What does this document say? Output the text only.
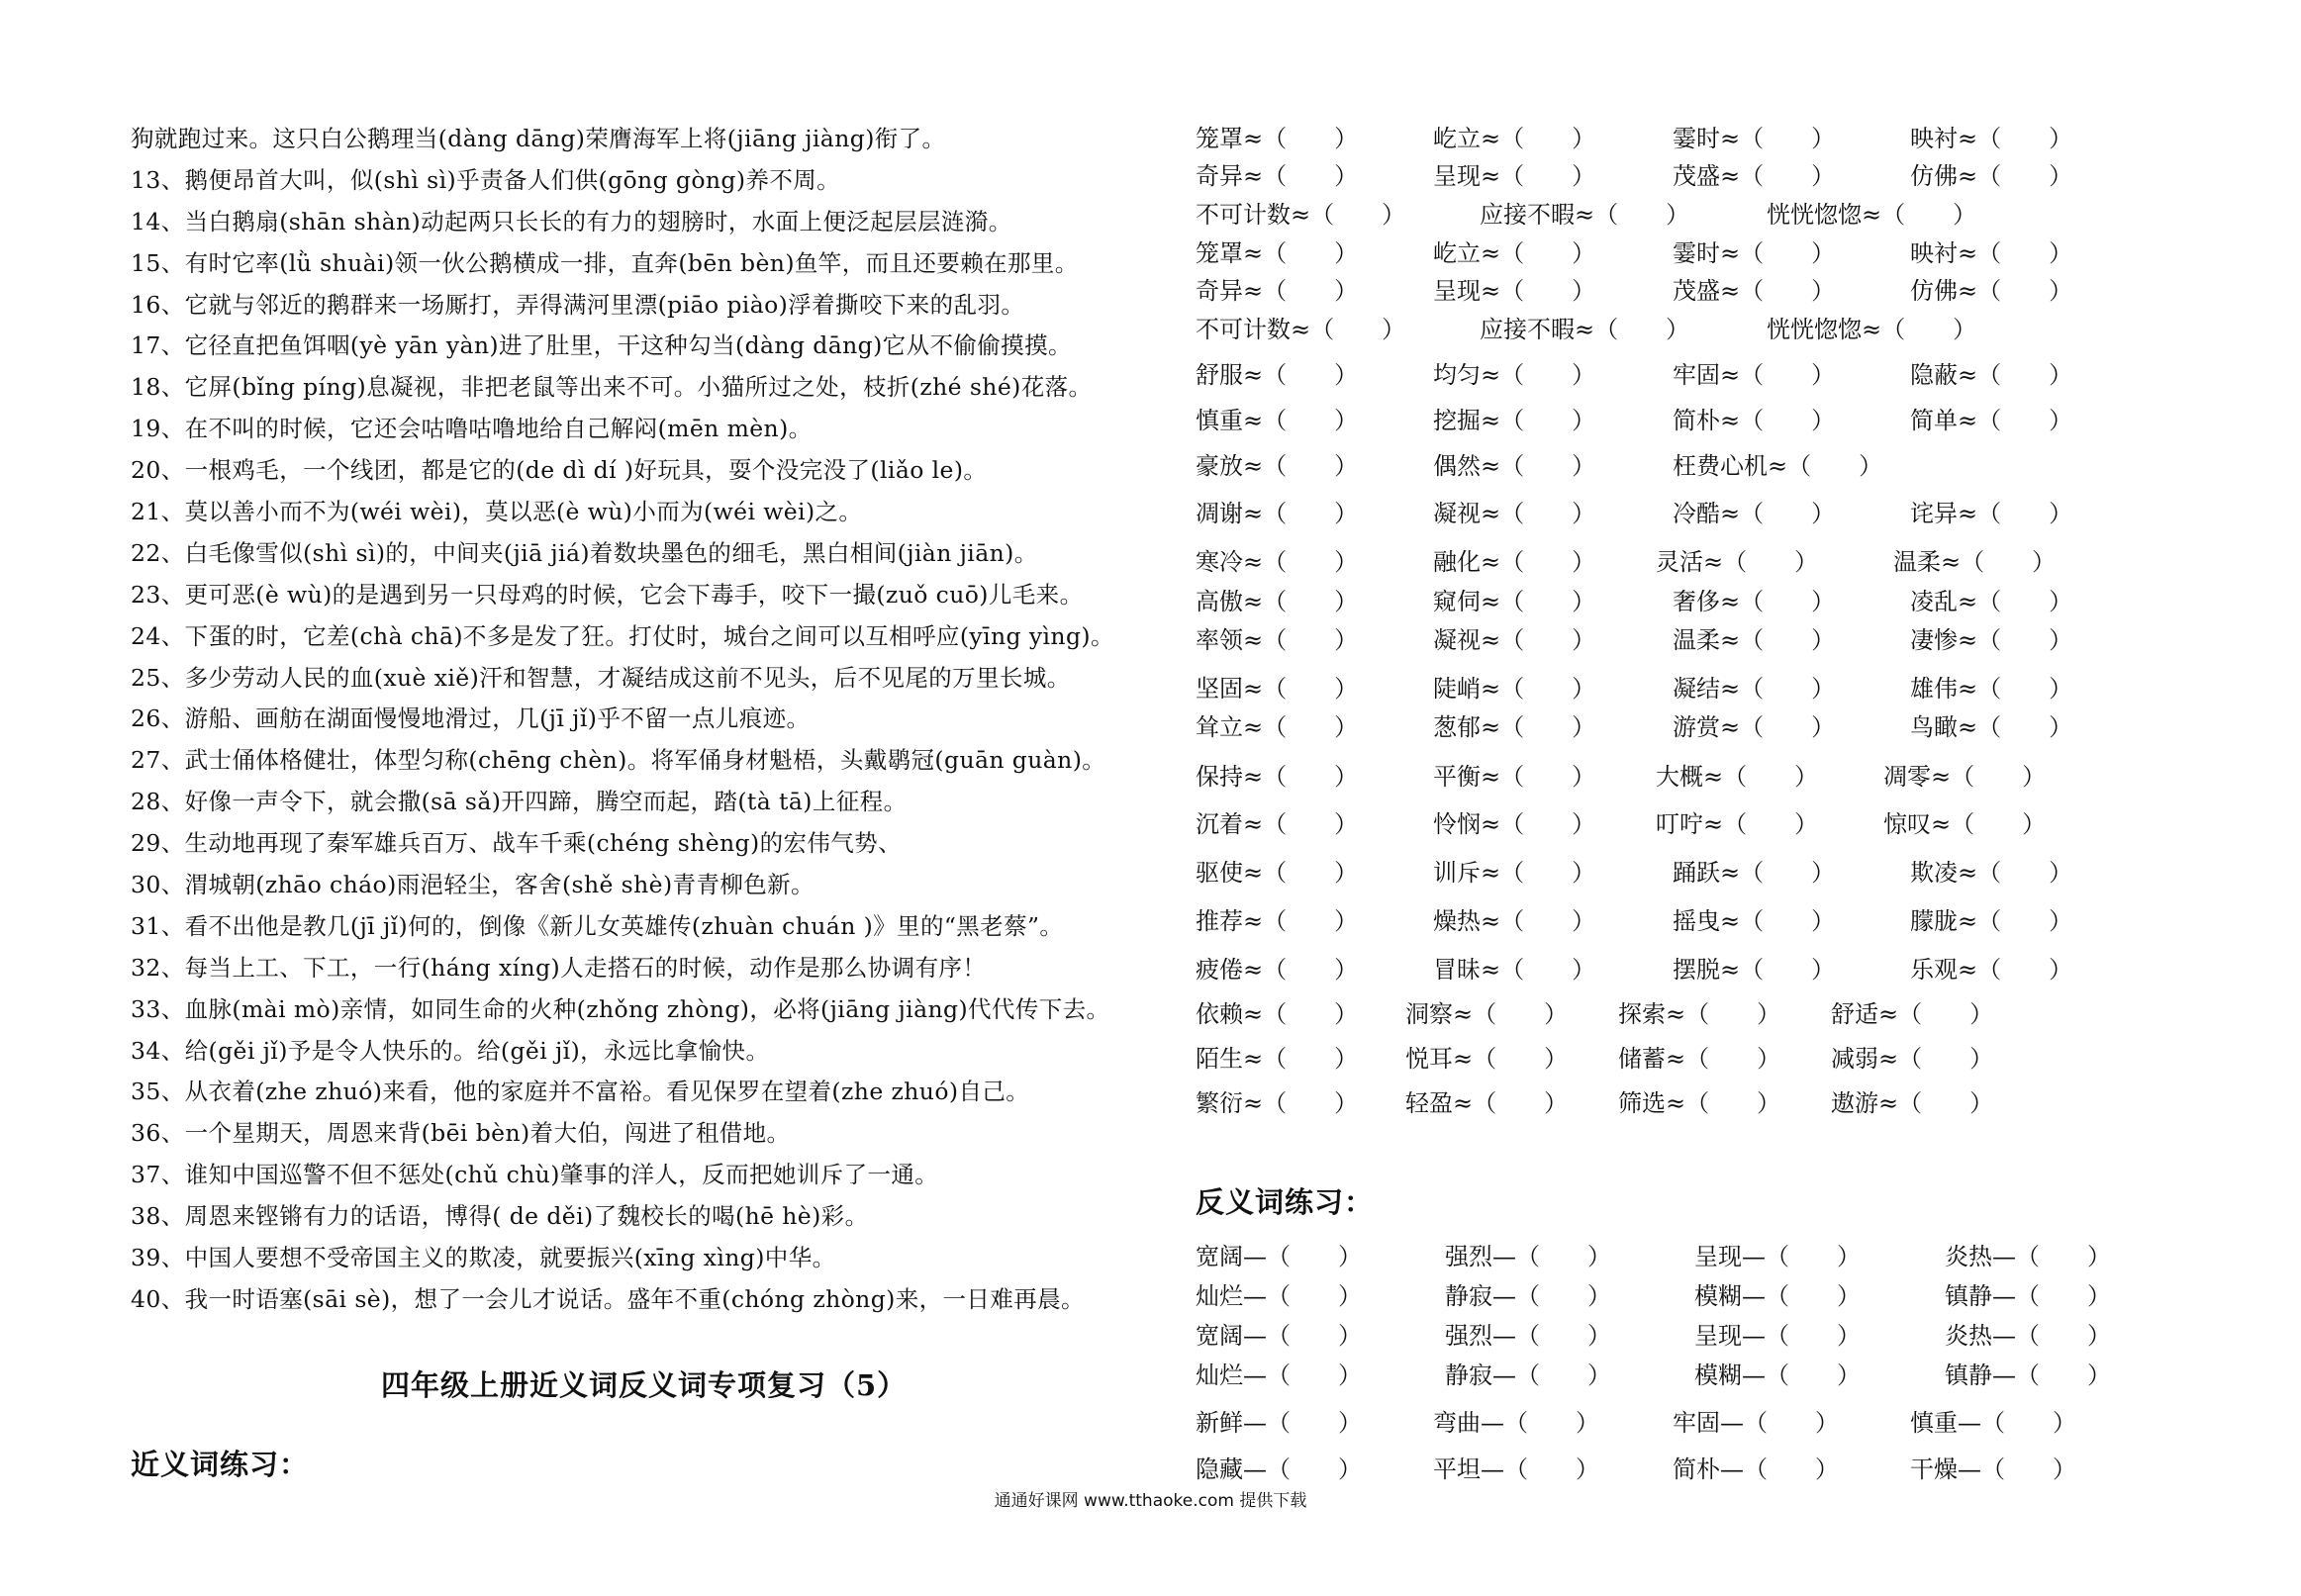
狗就跑过来。这只白公鹅理当(dàng dāng)荣膺海军上将(jiāng jiàng)衔了。
13、鹅便昂首大叫，似(shì sì)乎责备人们供(gōng gòng)养不周。
14、当白鹅扇(shān shàn)动起两只长长的有力的翅膀时，水面上便泛起层层涟漪。
15、有时它率(lǜ shuài)领一伙公鹅横成一排，直奔(bēn bèn)鱼竿，而且还要赖在那里。
16、它就与邻近的鹅群来一场厮打，弄得满河里漂(piāo piào)浮着撕咬下来的乱羽。
17、它径直把鱼饵咽(yè yān yàn)进了肚里，干这种勾当(dàng dāng)它从不偷偷摸摸。
18、它屏(bǐng píng)息凝视，非把老鼠等出来不可。小猫所过之处，枝折(zhé shé)花落。
19、在不叫的时候，它还会咕噜咕噜地给自己解闷(mēn mèn)。
20、一根鸡毛，一个线团，都是它的(de dì dí )好玩具，耍个没完没了(liǎo le)。
21、莫以善小而不为(wéi wèi)，莫以恶(è wù)小而为(wéi wèi)之。
22、白毛像雪似(shì sì)的，中间夹(jiā jiá)着数块墨色的细毛，黑白相间(jiàn jiān)。
23、更可恶(è wù)的是遇到另一只母鸡的时候，它会下毒手，咬下一撮(zuǒ cuō)儿毛来。
24、下蛋的时，它差(chà chā)不多是发了狂。打仗时，城台之间可以互相呼应(yīng yìng)。
25、多少劳动人民的血(xuè xiě)汗和智慧，才凝结成这前不见头，后不见尾的万里长城。
26、游船、画舫在湖面慢慢地滑过，几(jī jǐ)乎不留一点儿痕迹。
27、武士俑体格健壮，体型匀称(chēng chèn)。将军俑身材魁梧，头戴鹖冠(guān guàn)。
28、好像一声令下，就会撒(sā sǎ)开四蹄，腾空而起，踏(tà tā)上征程。
29、生动地再现了秦军雄兵百万、战车千乘(chéng shèng)的宏伟气势、
30、渭城朝(zhāo cháo)雨浥轻尘，客舍(shě shè)青青柳色新。
31、看不出他是教几(jī jǐ)何的，倒像《新儿女英雄传(zhuàn chuán )》里的“黑老蔡”。
32、每当上工、下工，一行(háng xíng)人走搭石的时候，动作是那么协调有序！
33、血脉(mài mò)亲情，如同生命的火种(zhǒng zhòng)，必将(jiāng jiàng)代代传下去。
34、给(gěi jǐ)予是令人快乐的。给(gěi jǐ)，永远比拿愉快。
35、从衣着(zhe zhuó)来看，他的家庭并不富裕。看见保罗在望着(zhe zhuó)自己。
36、一个星期天，周恩来背(bēi bèn)着大伯，闯进了租借地。
37、谁知中国巡警不但不惩处(chǔ chù)肇事的洋人，反而把她训斥了一通。
38、周恩来铿锵有力的话语，博得( de děi)了魏校长的喝(hē hè)彩。
39、中国人要想不受帝国主义的欺凌，就要振兴(xīng xìng)中华。
40、我一时语塞(sāi sè)，想了一会儿才说话。盛年不重(chóng zhòng)来，一日难再晨。
四年级上册近义词反义词专项复习（5）
近义词练习：
反义词练习：
笼罩≈（　　）	屹立≈（　　）	霎时≈（　　）	映衬≈（　　）
奇异≈（　　）	呈现≈（　　）	茂盛≈（　　）	仿佛≈（　　）
不可计数≈（　　）	应接不暇≈（　　）	恍恍惚惚≈（　　）
笼罩≈（　　）	屹立≈（　　）	霎时≈（　　）	映衬≈（　　）
奇异≈（　　）	呈现≈（　　）	茂盛≈（　　）	仿佛≈（　　）
不可计数≈（　　）	应接不暇≈（　　）	恍恍惚惚≈（　　）
舒服≈（　　）	均匀≈（　　）	牢固≈（　　）	隐蔽≈（　　）
慎重≈（　　）	挖掘≈（　　）	简朴≈（　　）	简单≈（　　）
豪放≈（　　）	偶然≈（　　）	枉费心机≈（　　）
凋谢≈（　　）	凝视≈（　　）	冷酷≈（　　）	诧异≈（　　）
寒冷≈（　　）	融化≈（　　）	灵活≈（　　）	温柔≈（　　）
高傲≈（　　）	窥伺≈（　　）	奢侈≈（　　）	凌乱≈（　　）
率领≈（　　）	凝视≈（　　）	温柔≈（　　）	凄惨≈（　　）
坚固≈（　　）	陡峭≈（　　）	凝结≈（　　）	雄伟≈（　　）
耸立≈（　　）	葱郁≈（　　）	游赏≈（　　）	鸟瞰≈（　　）
保持≈（　　）	平衡≈（　　）	大概≈（　　）	凋零≈（　　）
沉着≈（　　）	怜悯≈（　　）	叮咛≈（　　）	惊叹≈（　　）
驱使≈（　　）	训斥≈（　　）	踊跃≈（　　）	欺凌≈（　　）
推荐≈（　　）	燥热≈（　　）	摇曳≈（　　）	朦胧≈（　　）
疲倦≈（　　）	冒昧≈（　　）	摆脱≈（　　）	乐观≈（　　）
依赖≈（　　） 洞察≈（　　） 探索≈（　　） 舒适≈（　　）
陌生≈（　　） 悦耳≈（　　） 储蓄≈（　　） 减弱≈（　　）
繁衍≈（　　） 轻盈≈（　　） 筛选≈（　　） 遨游≈（　　）
宽阔—（　　）	强烈—（　　）	呈现—（　　）	炎热—（　　）
灿烂—（　　）	静寂—（　　）	模糊—（　　）	镇静—（　　）
宽阔—（　　）	强烈—（　　）	呈现—（　　）	炎热—（　　）
灿烂—（　　）	静寂—（　　）	模糊—（　　）	镇静—（　　）
新鲜—（　　）	弯曲—（　　）	牢固—（　　）	慎重—（　　）
隐藏—（　　）	平坦—（　　）	简朴—（　　）	干燥—（　　）
通通好课网 www.tthaoke.com 提供下载
